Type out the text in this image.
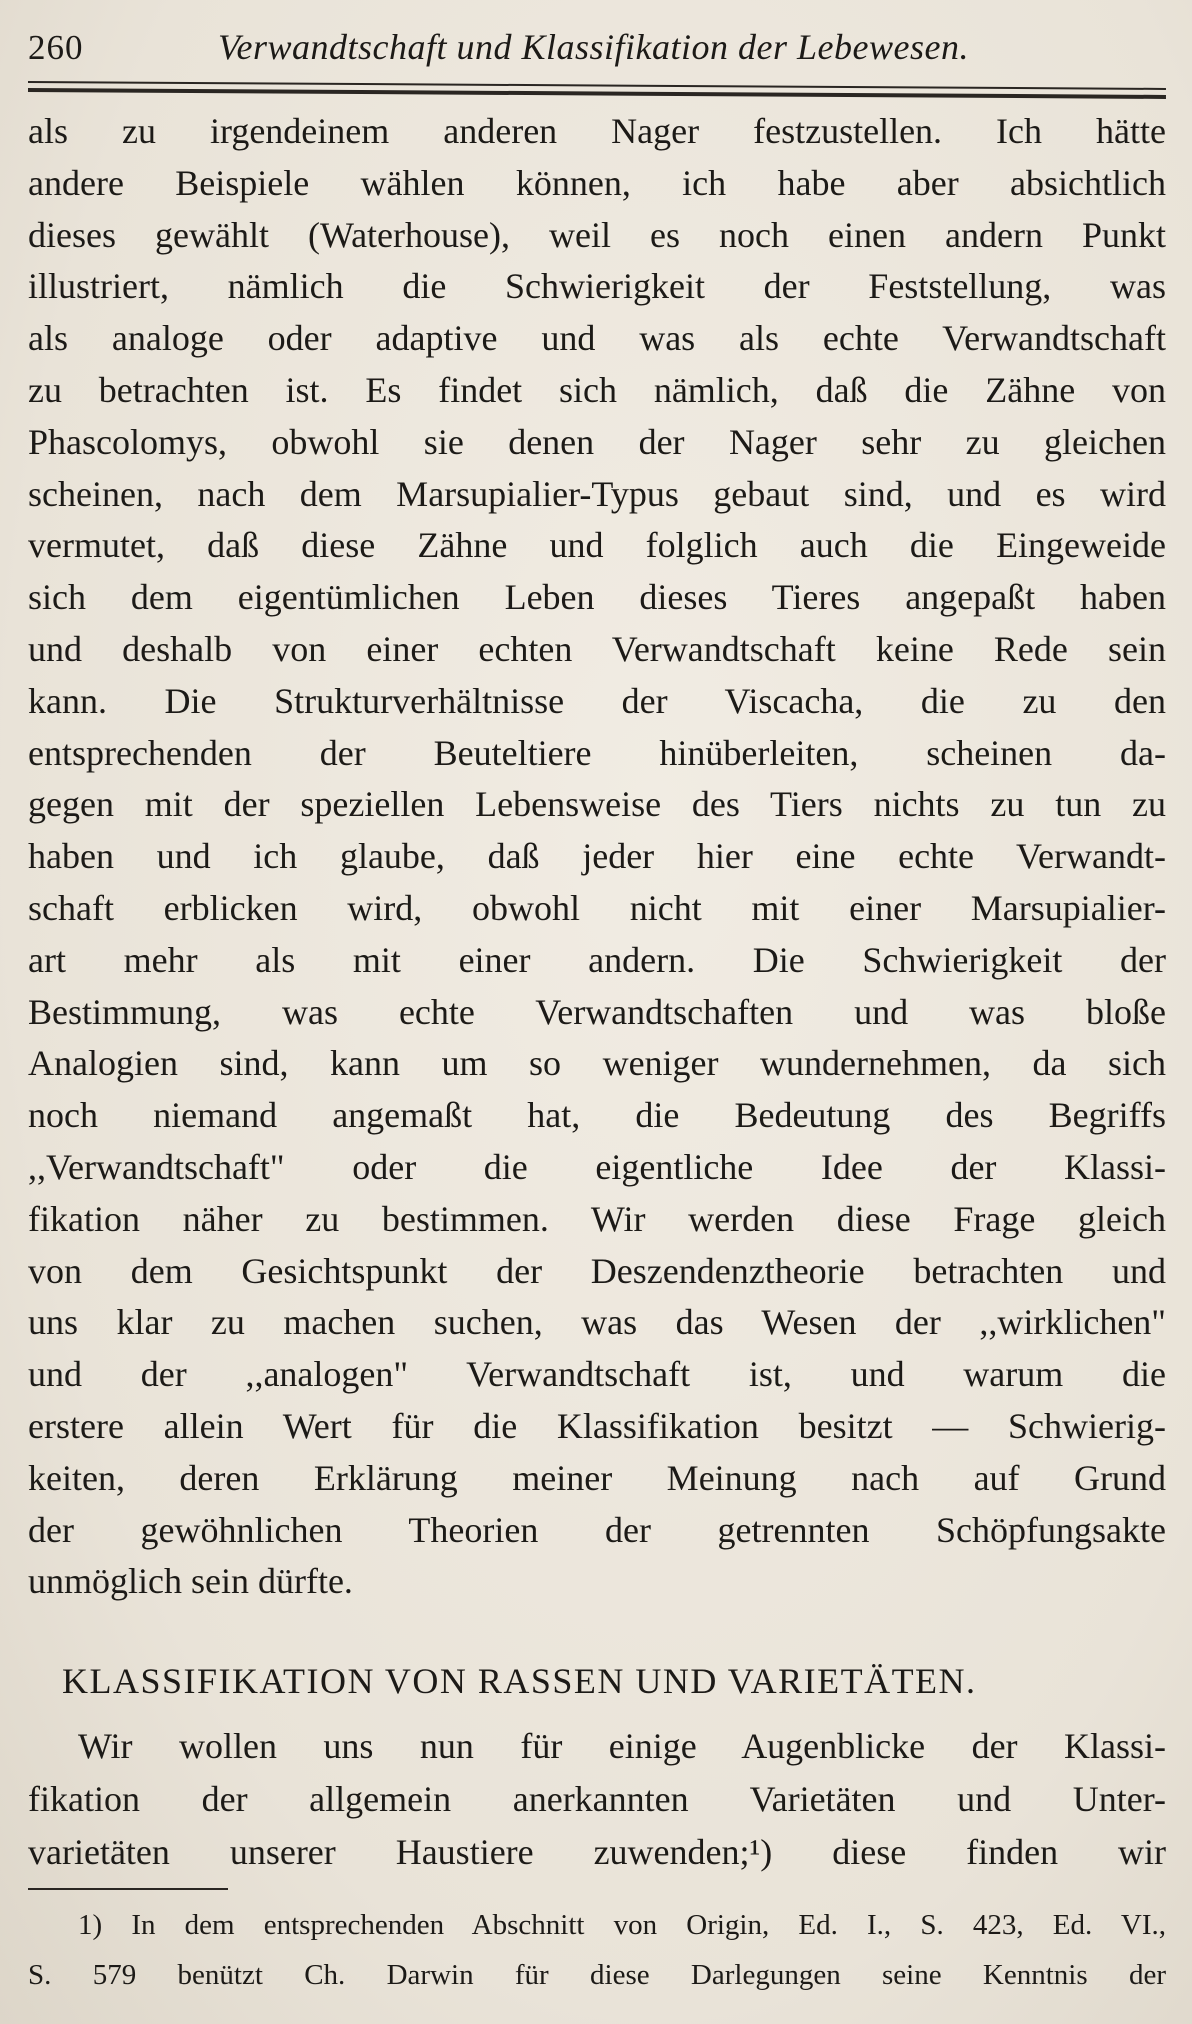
260	Verwandtschaft und Klassifikation der Lebewesen.
als zu irgendeinem anderen Nager festzustellen. Ich hätte
andere Beispiele wählen können, ich habe aber absichtlich
dieses gewählt (Waterhouse), weil es noch einen andern Punkt
illustriert, nämlich die Schwierigkeit der Feststellung, was
als analoge oder adaptive und was als echte Verwandtschaft
zu betrachten ist. Es findet sich nämlich, daß die Zähne von
Phascolomys, obwohl sie denen der Nager sehr zu gleichen
scheinen, nach dem Marsupialier-Typus gebaut sind, und es wird
vermutet, daß diese Zähne und folglich auch die Eingeweide
sich dem eigentümlichen Leben dieses Tieres angepaßt haben
und deshalb von einer echten Verwandtschaft keine Rede sein
kann. Die Strukturverhältnisse der Viscacha, die zu den
entsprechenden der Beuteltiere hinüberleiten, scheinen da-
gegen mit der speziellen Lebensweise des Tiers nichts zu tun zu
haben und ich glaube, daß jeder hier eine echte Verwandt-
schaft erblicken wird, obwohl nicht mit einer Marsupialier-
art mehr als mit einer andern. Die Schwierigkeit der
Bestimmung, was echte Verwandtschaften und was bloße
Analogien sind, kann um so weniger wundernehmen, da sich
noch niemand angemaßt hat, die Bedeutung des Begriffs
,,Verwandtschaft" oder die eigentliche Idee der Klassi-
fikation näher zu bestimmen. Wir werden diese Frage gleich
von dem Gesichtspunkt der Deszendenztheorie betrachten und
uns klar zu machen suchen, was das Wesen der ,,wirklichen"
und der ,,analogen" Verwandtschaft ist, und warum die
erstere allein Wert für die Klassifikation besitzt — Schwierig-
keiten, deren Erklärung meiner Meinung nach auf Grund
der gewöhnlichen Theorien der getrennten Schöpfungsakte
unmöglich sein dürfte.
KLASSIFIKATION VON RASSEN UND VARIETÄTEN.
Wir wollen uns nun für einige Augenblicke der Klassi-
fikation der allgemein anerkannten Varietäten und Unter-
varietäten unserer Haustiere zuwenden;¹) diese finden wir
1) In dem entsprechenden Abschnitt von Origin, Ed. I., S. 423, Ed. VI.,
S. 579 benützt Ch. Darwin für diese Darlegungen seine Kenntnis der
